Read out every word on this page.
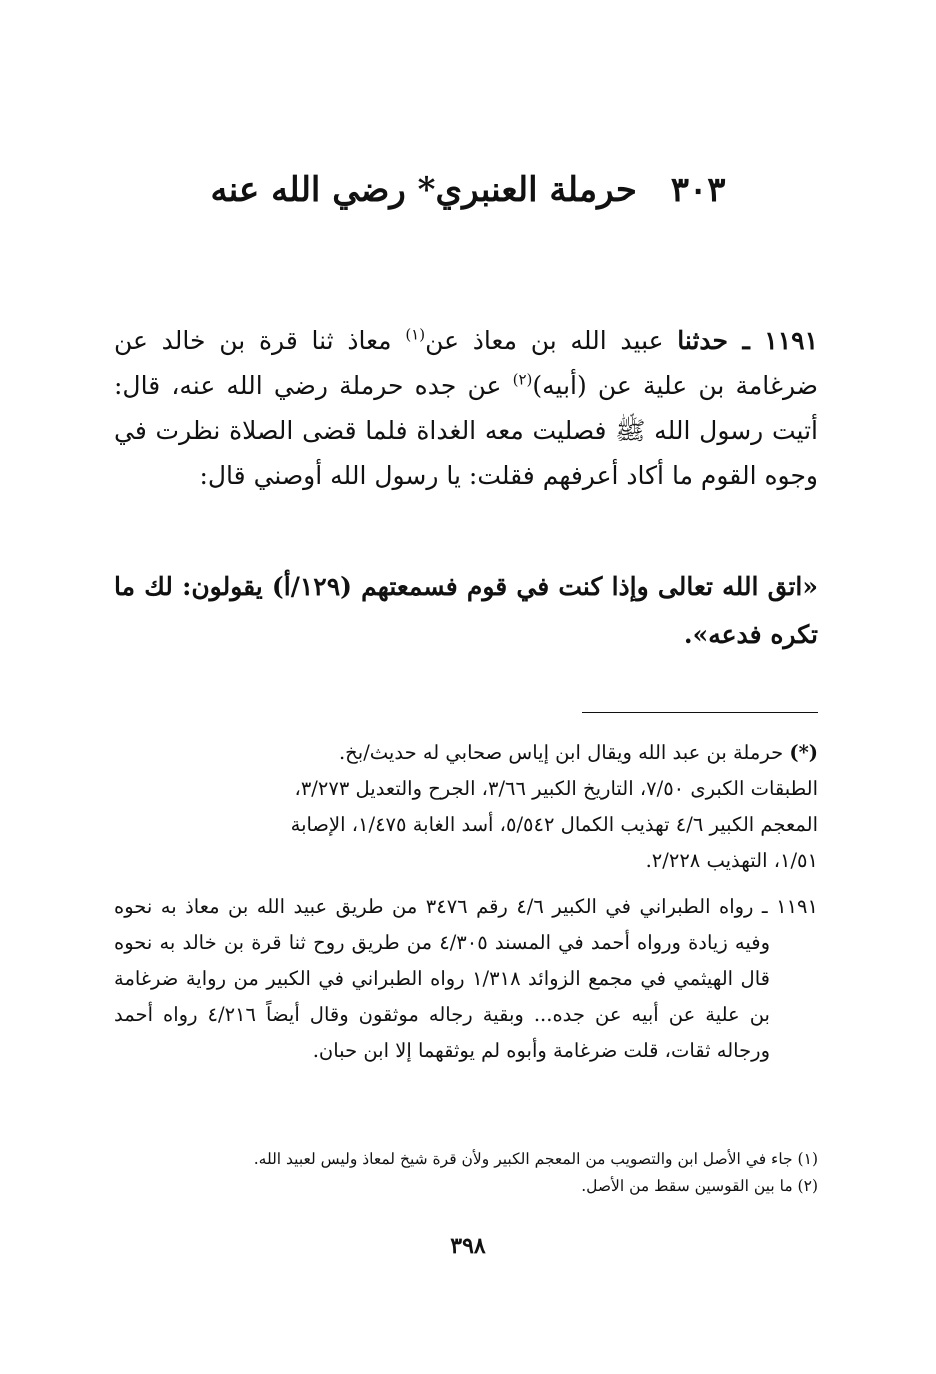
٣٠٣ حرملة العنبري* رضي الله عنه
١١٩١ ـ حدثنا عبيد الله بن معاذ عن$^{(١)}$ معاذ ثنا قرة بن خالد عن ضرغامة بن علية عن (أبيه)$^{(٢)}$ عن جده حرملة رضي الله عنه، قال: أتيت رسول الله ﷺ فصليت معه الغداة فلما قضى الصلاة نظرت في وجوه القوم ما أكاد أعرفهم فقلت: يا رسول الله أوصني قال:
«اتق الله تعالى وإذا كنت في قوم فسمعتهم (١٢٩/أ) يقولون: لك ما تكره فدعه».
(*) حرملة بن عبد الله ويقال ابن إياس صحابي له حديث/بخ.
الطبقات الكبرى ٧/٥٠، التاريخ الكبير ٣/٦٦، الجرح والتعديل ٣/٢٧٣،
المعجم الكبير ٤/٦ تهذيب الكمال ٥/٥٤٢، أسد الغابة ١/٤٧٥، الإصابة
١/٥١، التهذيب ٢/٢٢٨.
١١٩١ ـ رواه الطبراني في الكبير ٤/٦ رقم ٣٤٧٦ من طريق عبيد الله بن معاذ به نحوه وفيه زيادة ورواه أحمد في المسند ٤/٣٠٥ من طريق روح ثنا قرة بن خالد به نحوه قال الهيثمي في مجمع الزوائد ١/٣١٨ رواه الطبراني في الكبير من رواية ضرغامة بن علية عن أبيه عن جده... وبقية رجاله موثقون وقال أيضاً ٤/٢١٦ رواه أحمد ورجاله ثقات، قلت ضرغامة وأبوه لم يوثقهما إلا ابن حبان.
(١) جاء في الأصل ابن والتصويب من المعجم الكبير ولأن قرة شيخ لمعاذ وليس لعبيد الله.
(٢) ما بين القوسين سقط من الأصل.
٣٩٨
